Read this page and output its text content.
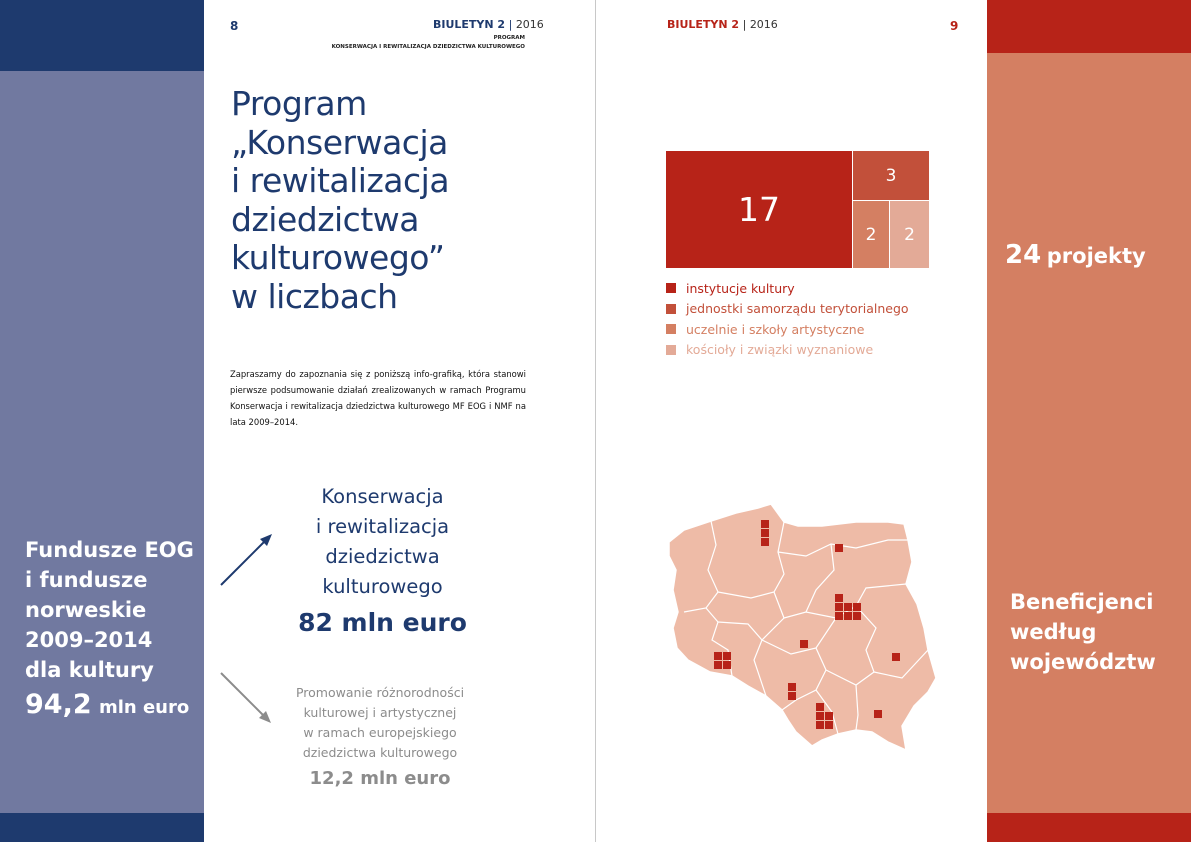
Fundusze EOG
i fundusze
norweskie
2009–2014
dla kultury
94,2 mln euro
24 projekty
Beneficjenci
według
województw
8	BIULETYN 2 | 2016
PROGRAM
KONSERWACJA I REWITALIZACJA DZIEDZICTWA KULTUROWEGO
BIULETYN 2 | 2016	9
Program
„Konserwacja
i rewitalizacja
dziedzictwa
kulturowego”
w liczbach
Zapraszamy do zapoznania się z poniższą info-grafiką, która stanowi pierwsze podsumowanie działań zrealizowanych w ramach Programu Konserwacja i rewitalizacja dziedzictwa kulturowego MF EOG i NMF na lata 2009–2014.
Konserwacja
i rewitalizacja
dziedzictwa
kulturowego
82 mln euro
Promowanie różnorodności
kulturowej i artystycznej
w ramach europejskiego
dziedzictwa kulturowego
12,2 mln euro
17
3
2	2
instytucje kultury
jednostki samorządu terytorialnego
uczelnie i szkoły artystyczne
kościoły i związki wyznaniowe
